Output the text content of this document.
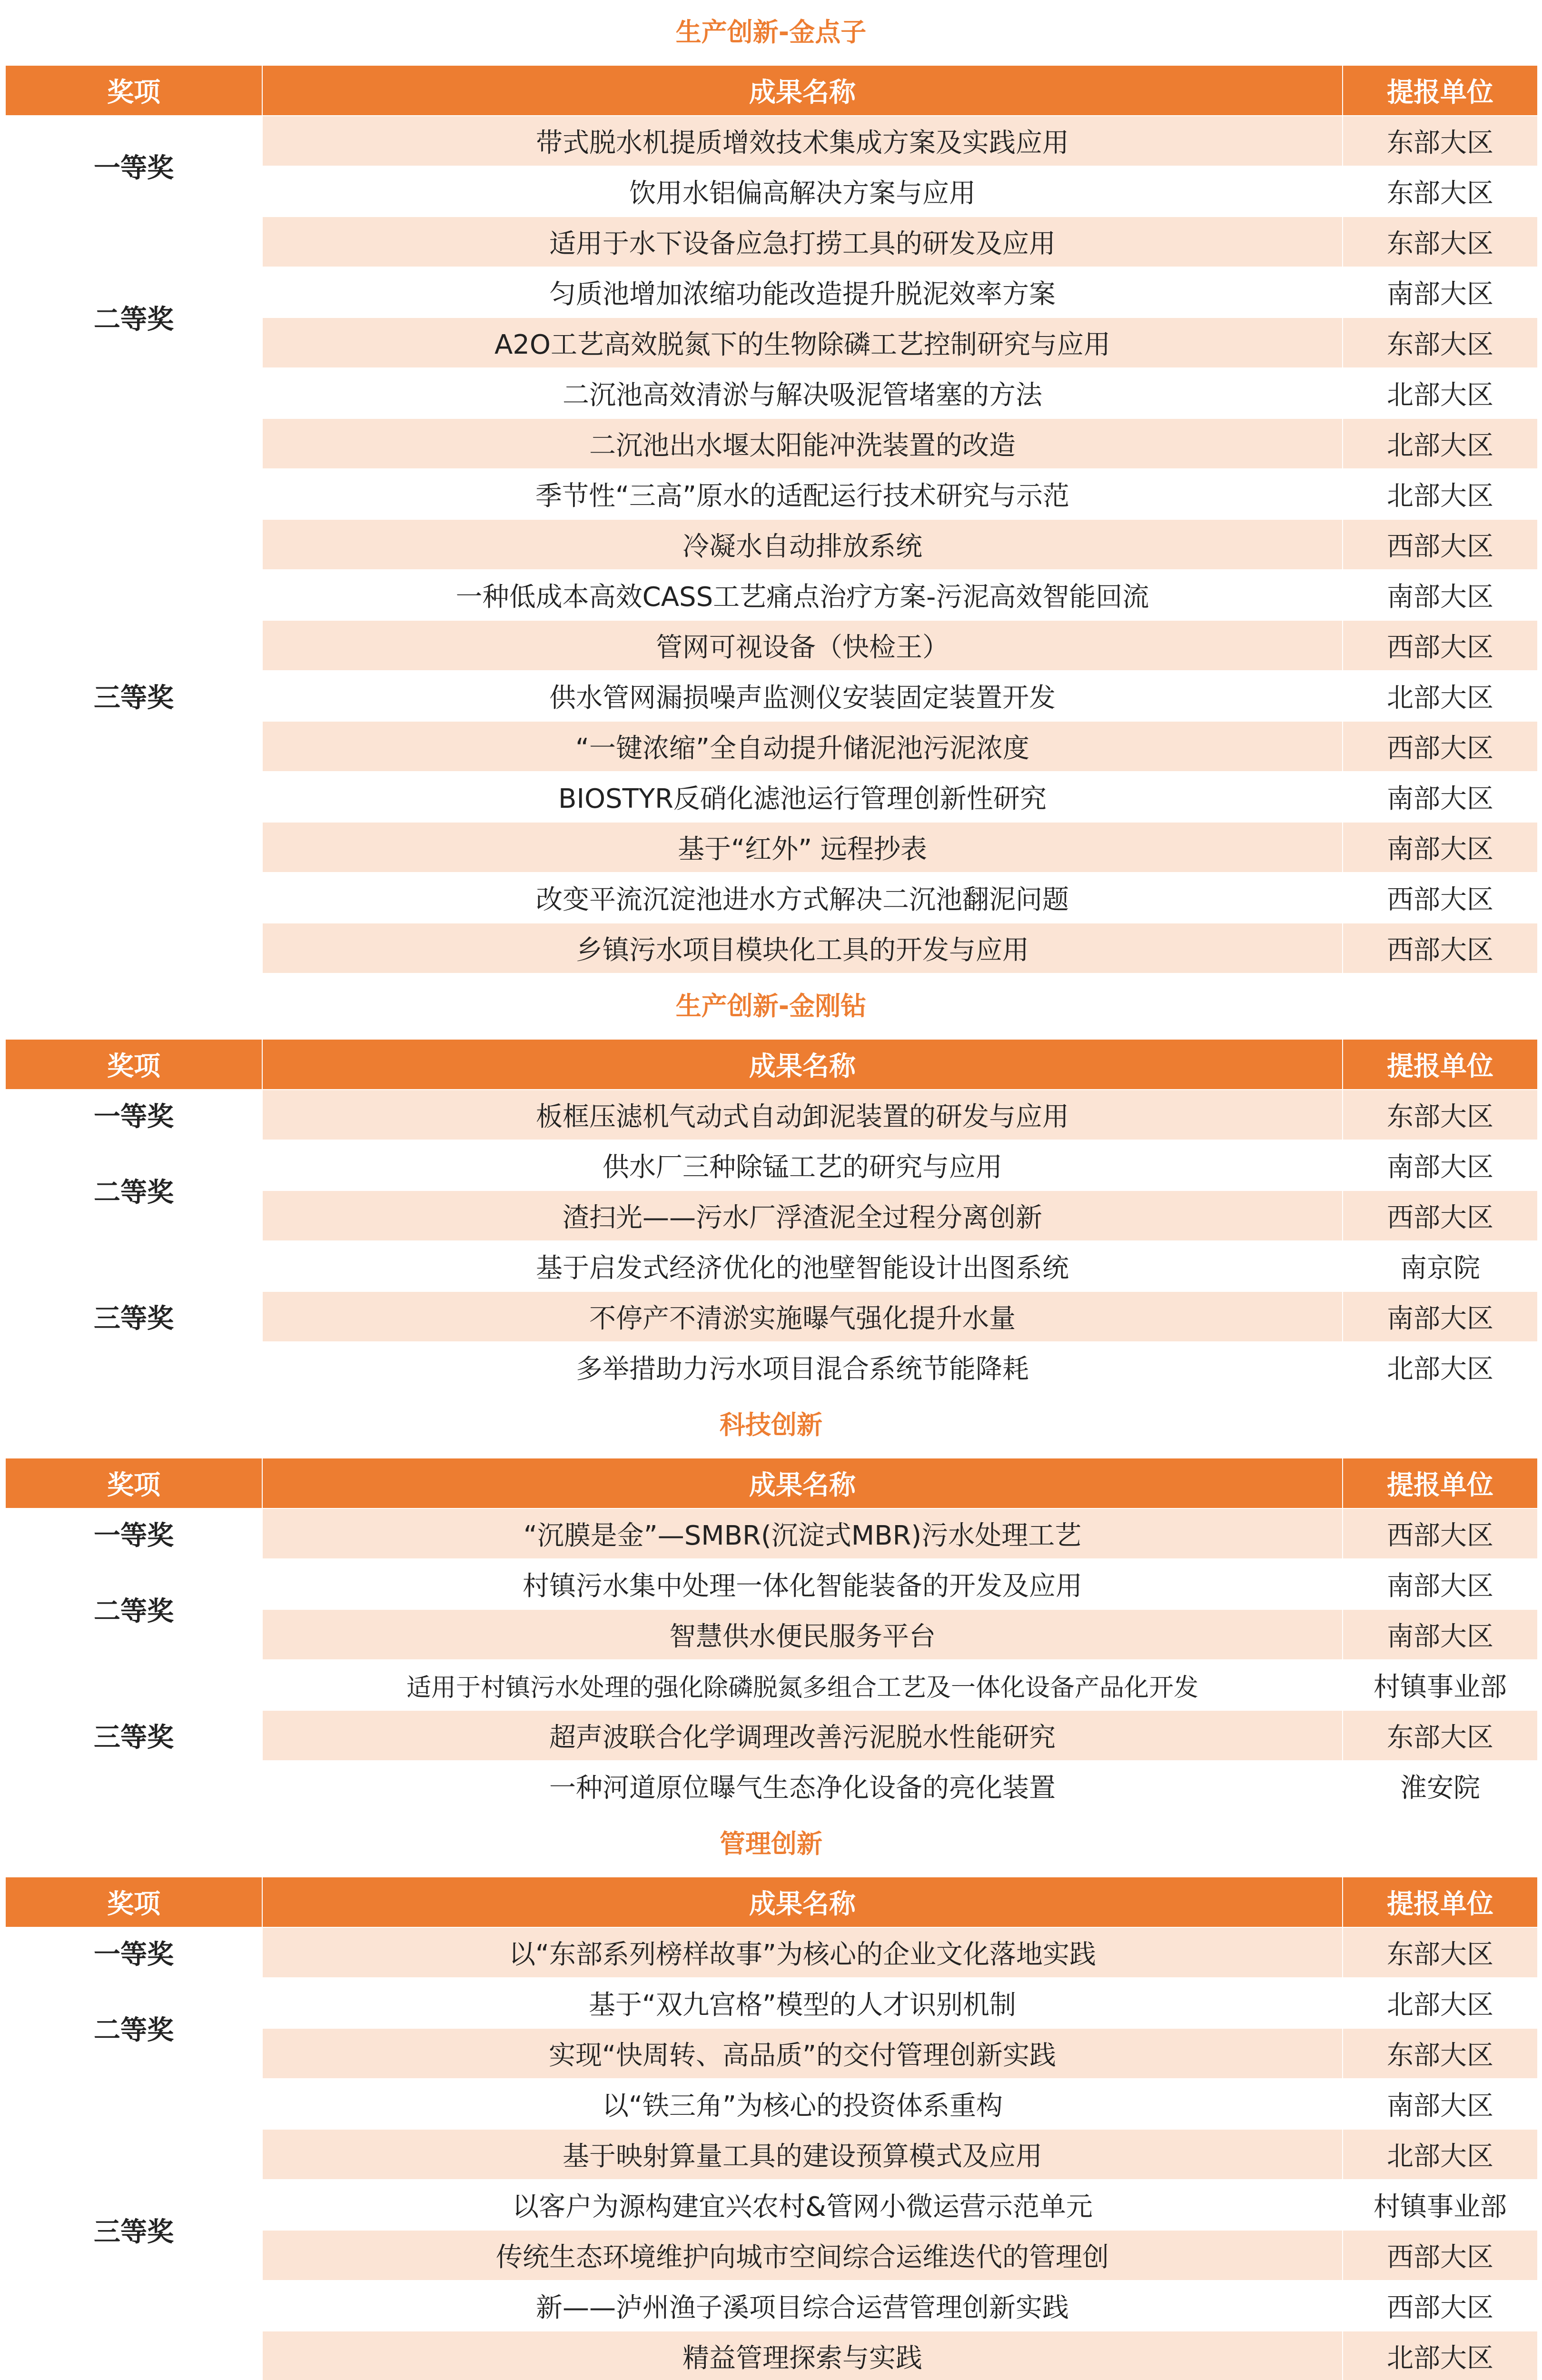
生产创新-金点子
奖项	成果名称	提报单位
一等奖	带式脱水机提质增效技术集成方案及实践应用	东部大区
	饮用水铝偏高解决方案与应用	东部大区
二等奖	适用于水下设备应急打捞工具的研发及应用	东部大区
	匀质池增加浓缩功能改造提升脱泥效率方案	南部大区
	A2O工艺高效脱氮下的生物除磷工艺控制研究与应用	东部大区
	二沉池高效清淤与解决吸泥管堵塞的方法	北部大区
三等奖	二沉池出水堰太阳能冲洗装置的改造	北部大区
	季节性“三高”原水的适配运行技术研究与示范	北部大区
	冷凝水自动排放系统	西部大区
	一种低成本高效CASS工艺痛点治疗方案-污泥高效智能回流	南部大区
	管网可视设备（快检王）	西部大区
	供水管网漏损噪声监测仪安装固定装置开发	北部大区
	“一键浓缩”全自动提升储泥池污泥浓度	西部大区
	BIOSTYR反硝化滤池运行管理创新性研究	南部大区
	基于“红外” 远程抄表	南部大区
	改变平流沉淀池进水方式解决二沉池翻泥问题	西部大区
	乡镇污水项目模块化工具的开发与应用	西部大区
生产创新-金刚钻
奖项	成果名称	提报单位
一等奖	板框压滤机气动式自动卸泥装置的研发与应用	东部大区
二等奖	供水厂三种除锰工艺的研究与应用	南部大区
	渣扫光——污水厂浮渣泥全过程分离创新	西部大区
三等奖	基于启发式经济优化的池壁智能设计出图系统	南京院
	不停产不清淤实施曝气强化提升水量	南部大区
	多举措助力污水项目混合系统节能降耗	北部大区
科技创新
奖项	成果名称	提报单位
一等奖	“沉膜是金”—SMBR(沉淀式MBR)污水处理工艺	西部大区
二等奖	村镇污水集中处理一体化智能装备的开发及应用	南部大区
	智慧供水便民服务平台	南部大区
三等奖	适用于村镇污水处理的强化除磷脱氮多组合工艺及一体化设备产品化开发	村镇事业部
	超声波联合化学调理改善污泥脱水性能研究	东部大区
	一种河道原位曝气生态净化设备的亮化装置	淮安院
管理创新
奖项	成果名称	提报单位
一等奖	以“东部系列榜样故事”为核心的企业文化落地实践	东部大区
二等奖	基于“双九宫格”模型的人才识别机制	北部大区
	实现“快周转、高品质”的交付管理创新实践	东部大区
三等奖	以“铁三角”为核心的投资体系重构	南部大区
	基于映射算量工具的建设预算模式及应用	北部大区
	以客户为源构建宜兴农村&管网小微运营示范单元	村镇事业部
	传统生态环境维护向城市空间综合运维迭代的管理创	西部大区
	新——泸州渔子溪项目综合运营管理创新实践	西部大区
	精益管理探索与实践	北部大区
